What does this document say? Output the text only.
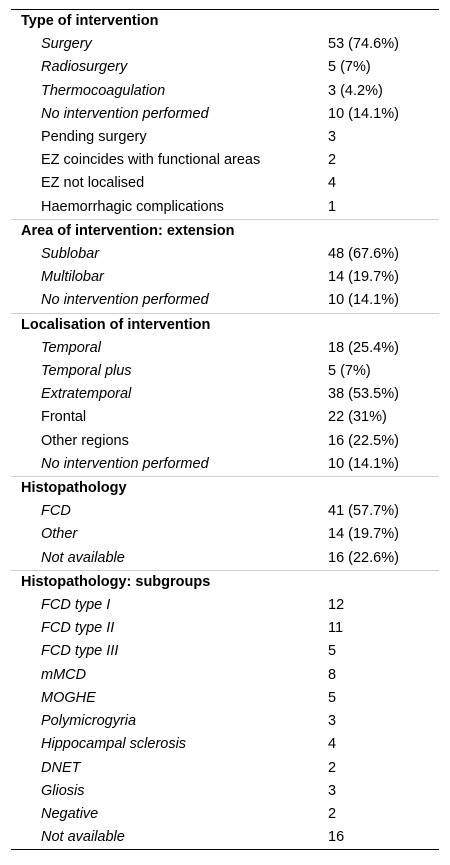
Type of intervention	
Surgery	53 (74.6%)
Radiosurgery	5 (7%)
Thermocoagulation	3 (4.2%)
No intervention performed	10 (14.1%)
Pending surgery	3
EZ coincides with functional areas	2
EZ not localised	4
Haemorrhagic complications	1
Area of intervention: extension	
Sublobar	48 (67.6%)
Multilobar	14 (19.7%)
No intervention performed	10 (14.1%)
Localisation of intervention	
Temporal	18 (25.4%)
Temporal plus	5 (7%)
Extratemporal	38 (53.5%)
Frontal	22 (31%)
Other regions	16 (22.5%)
No intervention performed	10 (14.1%)
Histopathology	
FCD	41 (57.7%)
Other	14 (19.7%)
Not available	16 (22.6%)
Histopathology: subgroups	
FCD type I	12
FCD type II	11
FCD type III	5
mMCD	8
MOGHE	5
Polymicrogyria	3
Hippocampal sclerosis	4
DNET	2
Gliosis	3
Negative	2
Not available	16
